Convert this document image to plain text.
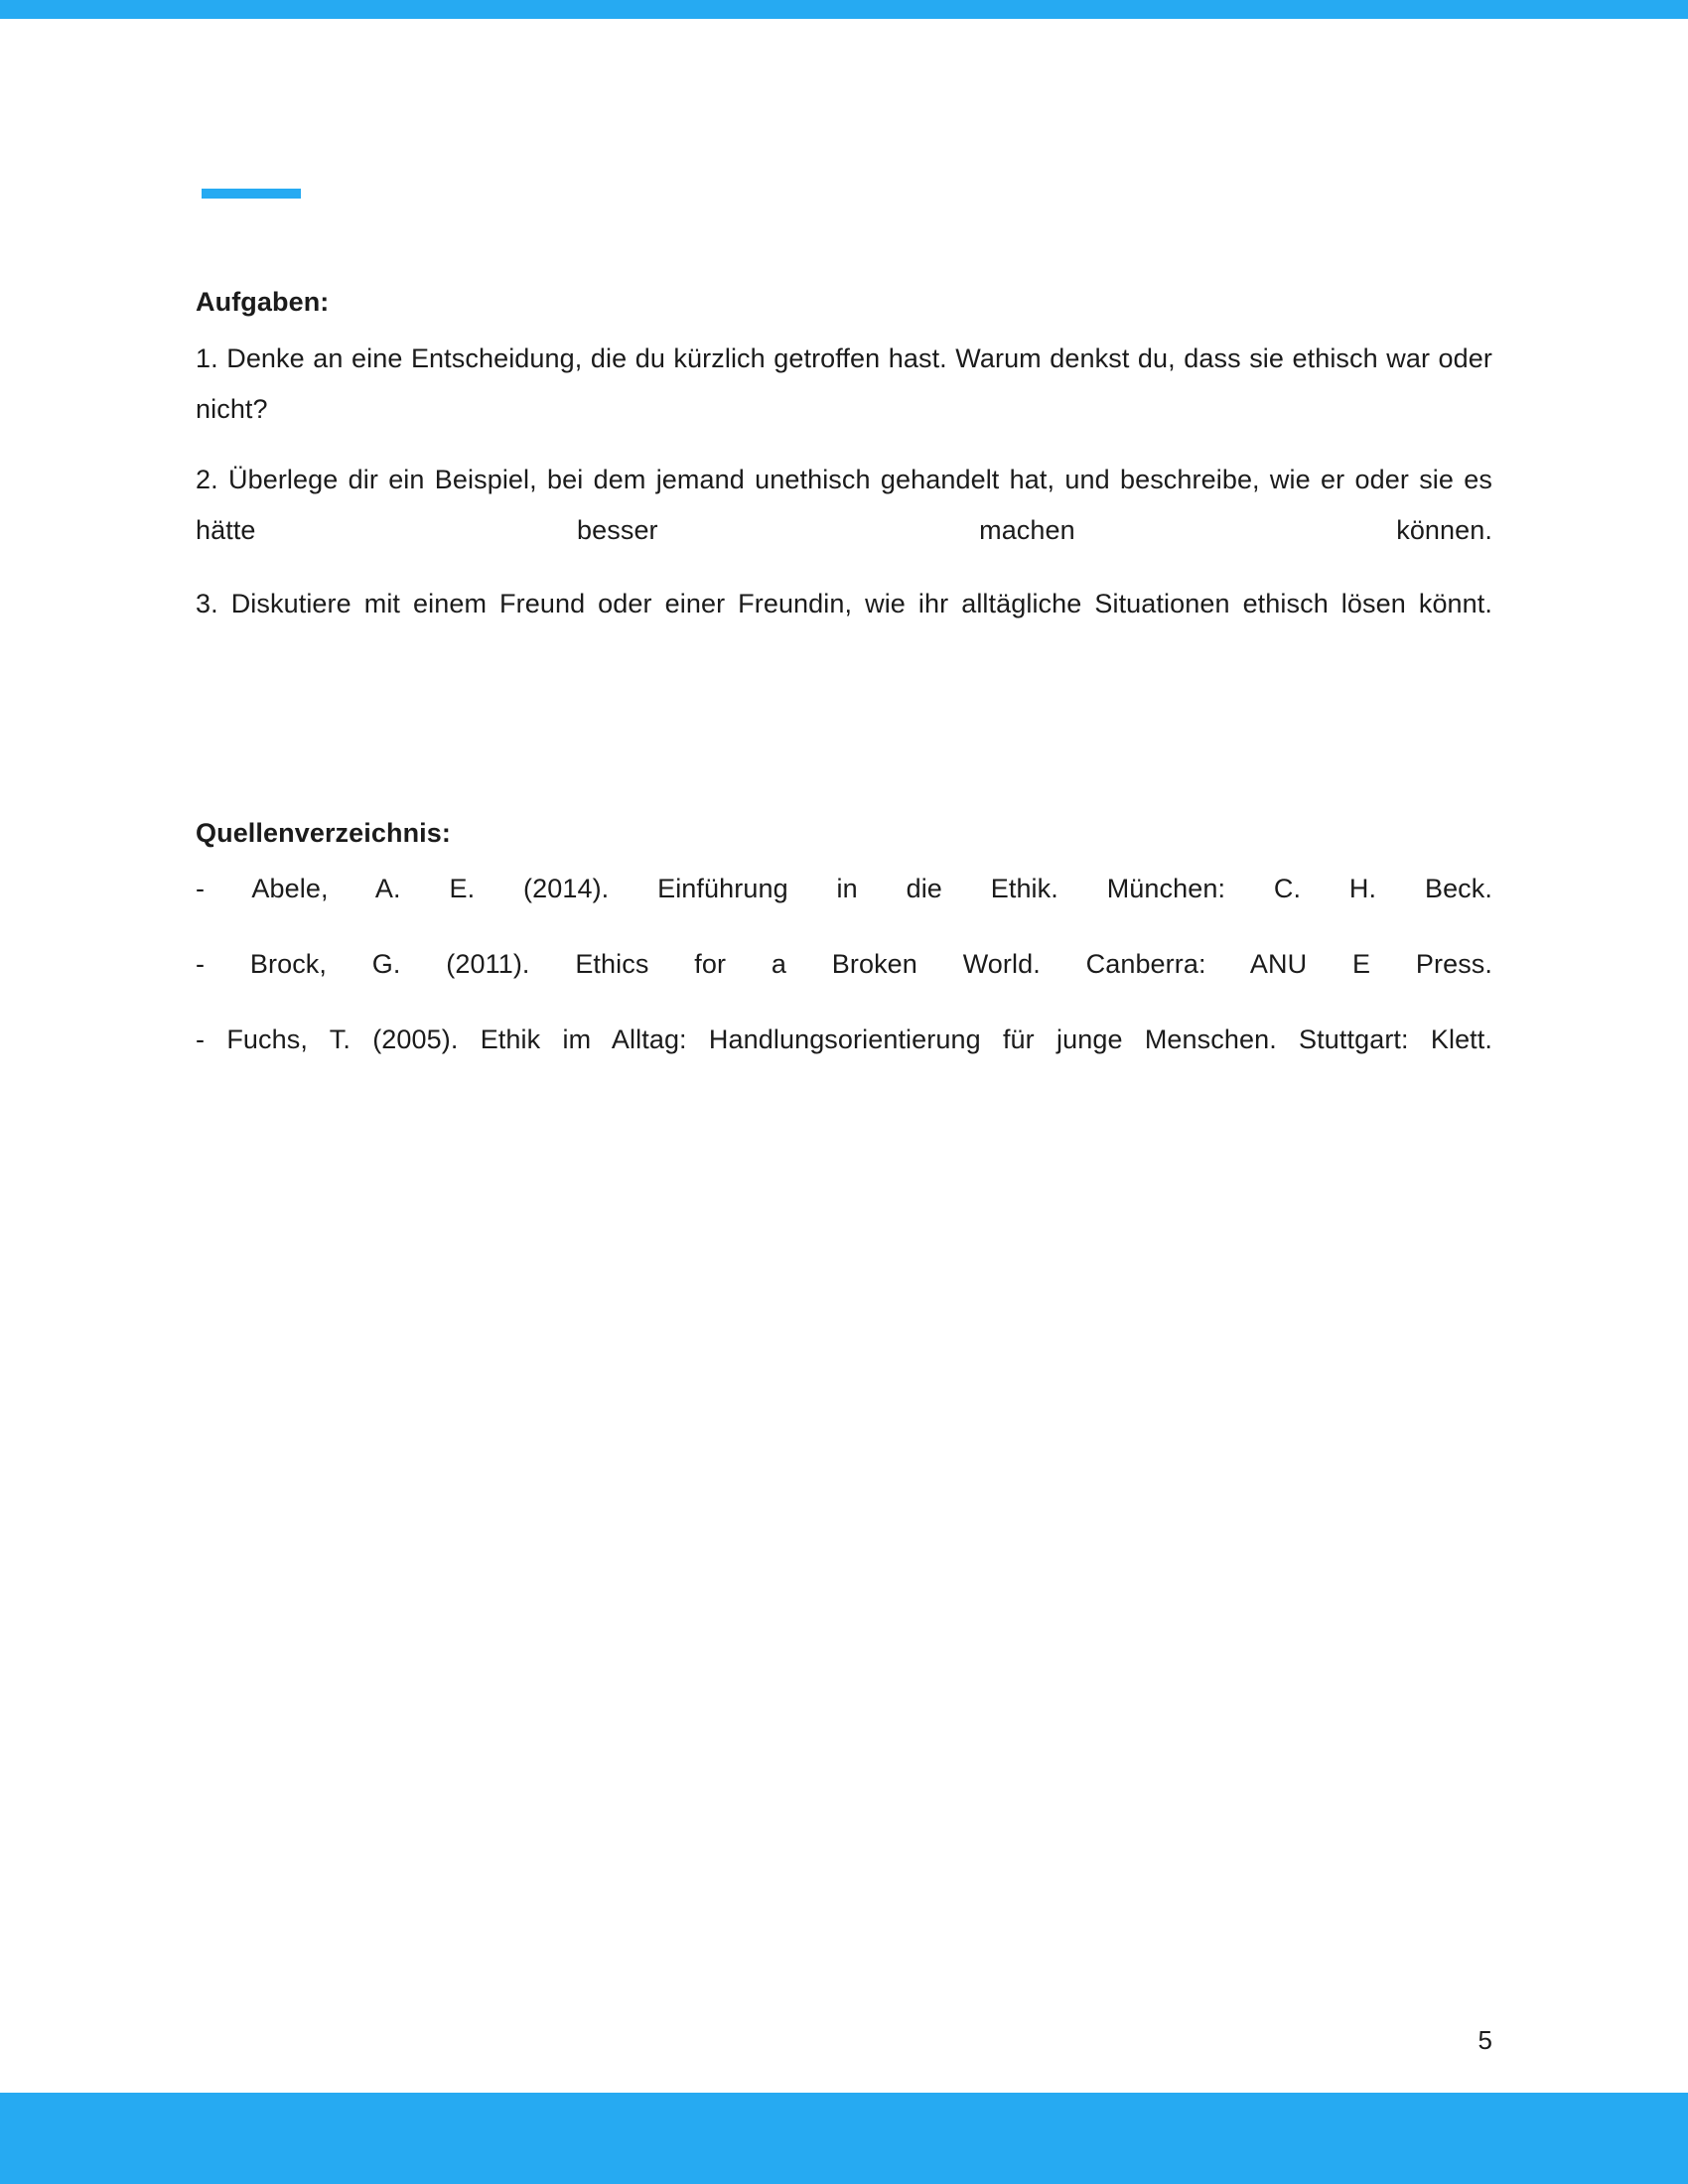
Aufgaben:

1. Denke an eine Entscheidung, die du kürzlich getroffen hast. Warum denkst du, dass sie ethisch war oder nicht?

2. Überlege dir ein Beispiel, bei dem jemand unethisch gehandelt hat, und beschreibe, wie er oder sie es hätte besser machen können.

3. Diskutiere mit einem Freund oder einer Freundin, wie ihr alltägliche Situationen ethisch lösen könnt.

Quellenverzeichnis:

- Abele, A. E. (2014). Einführung in die Ethik. München: C. H. Beck.

- Brock, G. (2011). Ethics for a Broken World. Canberra: ANU E Press.

- Fuchs, T. (2005). Ethik im Alltag: Handlungsorientierung für junge Menschen. Stuttgart: Klett.

5
